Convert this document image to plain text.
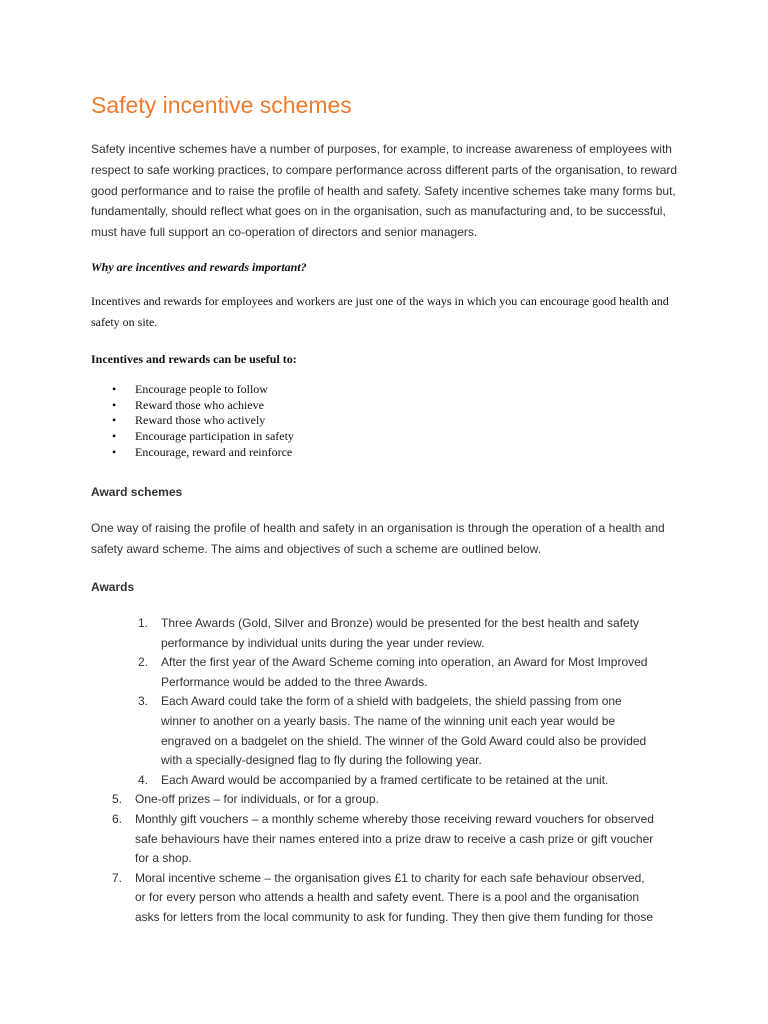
Safety incentive schemes

Safety incentive schemes have a number of purposes, for example, to increase awareness of employees with respect to safe working practices, to compare performance across different parts of the organisation, to reward good performance and to raise the profile of health and safety. Safety incentive schemes take many forms but, fundamentally, should reflect what goes on in the organisation, such as manufacturing and, to be successful, must have full support an co-operation of directors and senior managers.

Why are incentives and rewards important?

Incentives and rewards for employees and workers are just one of the ways in which you can encourage good health and safety on site.

Incentives and rewards can be useful to:

• Encourage people to follow
• Reward those who achieve
• Reward those who actively
• Encourage participation in safety
• Encourage, reward and reinforce

Award schemes

One way of raising the profile of health and safety in an organisation is through the operation of a health and safety award scheme. The aims and objectives of such a scheme are outlined below.

Awards

1. Three Awards (Gold, Silver and Bronze) would be presented for the best health and safety
performance by individual units during the year under review.
2. After the first year of the Award Scheme coming into operation, an Award for Most Improved
Performance would be added to the three Awards.
3. Each Award could take the form of a shield with badgelets, the shield passing from one
winner to another on a yearly basis. The name of the winning unit each year would be
engraved on a badgelet on the shield. The winner of the Gold Award could also be provided
with a specially-designed flag to fly during the following year.
4. Each Award would be accompanied by a framed certificate to be retained at the unit.
5. One-off prizes – for individuals, or for a group.
6. Monthly gift vouchers – a monthly scheme whereby those receiving reward vouchers for observed
safe behaviours have their names entered into a prize draw to receive a cash prize or gift voucher
for a shop.
7. Moral incentive scheme – the organisation gives £1 to charity for each safe behaviour observed,
or for every person who attends a health and safety event. There is a pool and the organisation
asks for letters from the local community to ask for funding. They then give them funding for those
